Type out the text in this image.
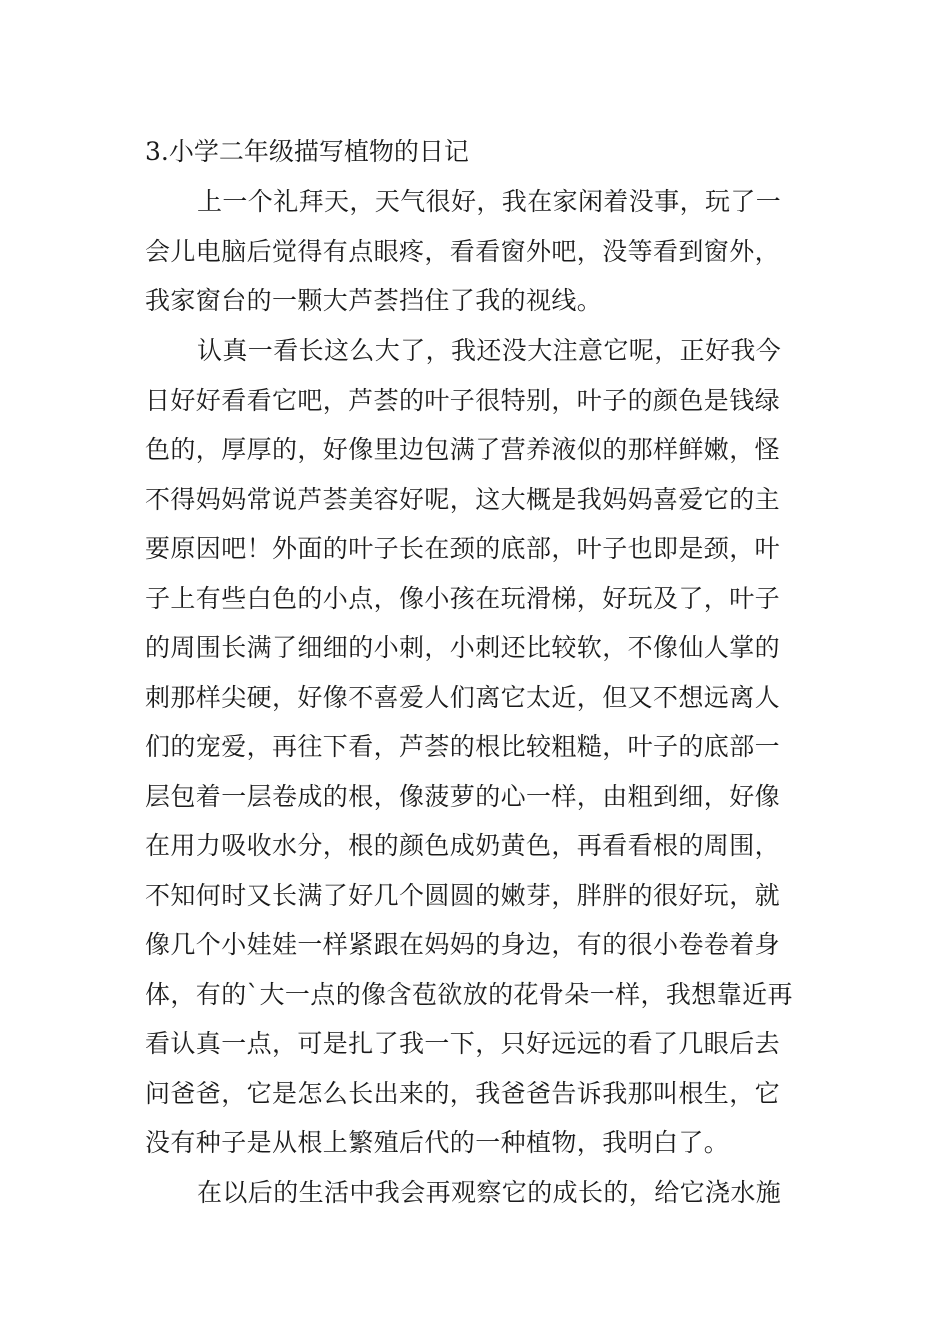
3.小学二年级描写植物的日记
上一个礼拜天，天气很好，我在家闲着没事，玩了一
会儿电脑后觉得有点眼疼，看看窗外吧，没等看到窗外，
我家窗台的一颗大芦荟挡住了我的视线。
认真一看长这么大了，我还没大注意它呢，正好我今
日好好看看它吧，芦荟的叶子很特别，叶子的颜色是钱绿
色的，厚厚的，好像里边包满了营养液似的那样鲜嫩，怪
不得妈妈常说芦荟美容好呢，这大概是我妈妈喜爱它的主
要原因吧！外面的叶子长在颈的底部，叶子也即是颈，叶
子上有些白色的小点，像小孩在玩滑梯，好玩及了，叶子
的周围长满了细细的小刺，小刺还比较软，不像仙人掌的
刺那样尖硬，好像不喜爱人们离它太近，但又不想远离人
们的宠爱，再往下看，芦荟的根比较粗糙，叶子的底部一
层包着一层卷成的根，像菠萝的心一样，由粗到细，好像
在用力吸收水分，根的颜色成奶黄色，再看看根的周围，
不知何时又长满了好几个圆圆的嫩芽，胖胖的很好玩，就
像几个小娃娃一样紧跟在妈妈的身边，有的很小卷卷着身
体，有的`大一点的像含苞欲放的花骨朵一样，我想靠近再
看认真一点，可是扎了我一下，只好远远的看了几眼后去
问爸爸，它是怎么长出来的，我爸爸告诉我那叫根生，它
没有种子是从根上繁殖后代的一种植物，我明白了。
在以后的生活中我会再观察它的成长的，给它浇水施
